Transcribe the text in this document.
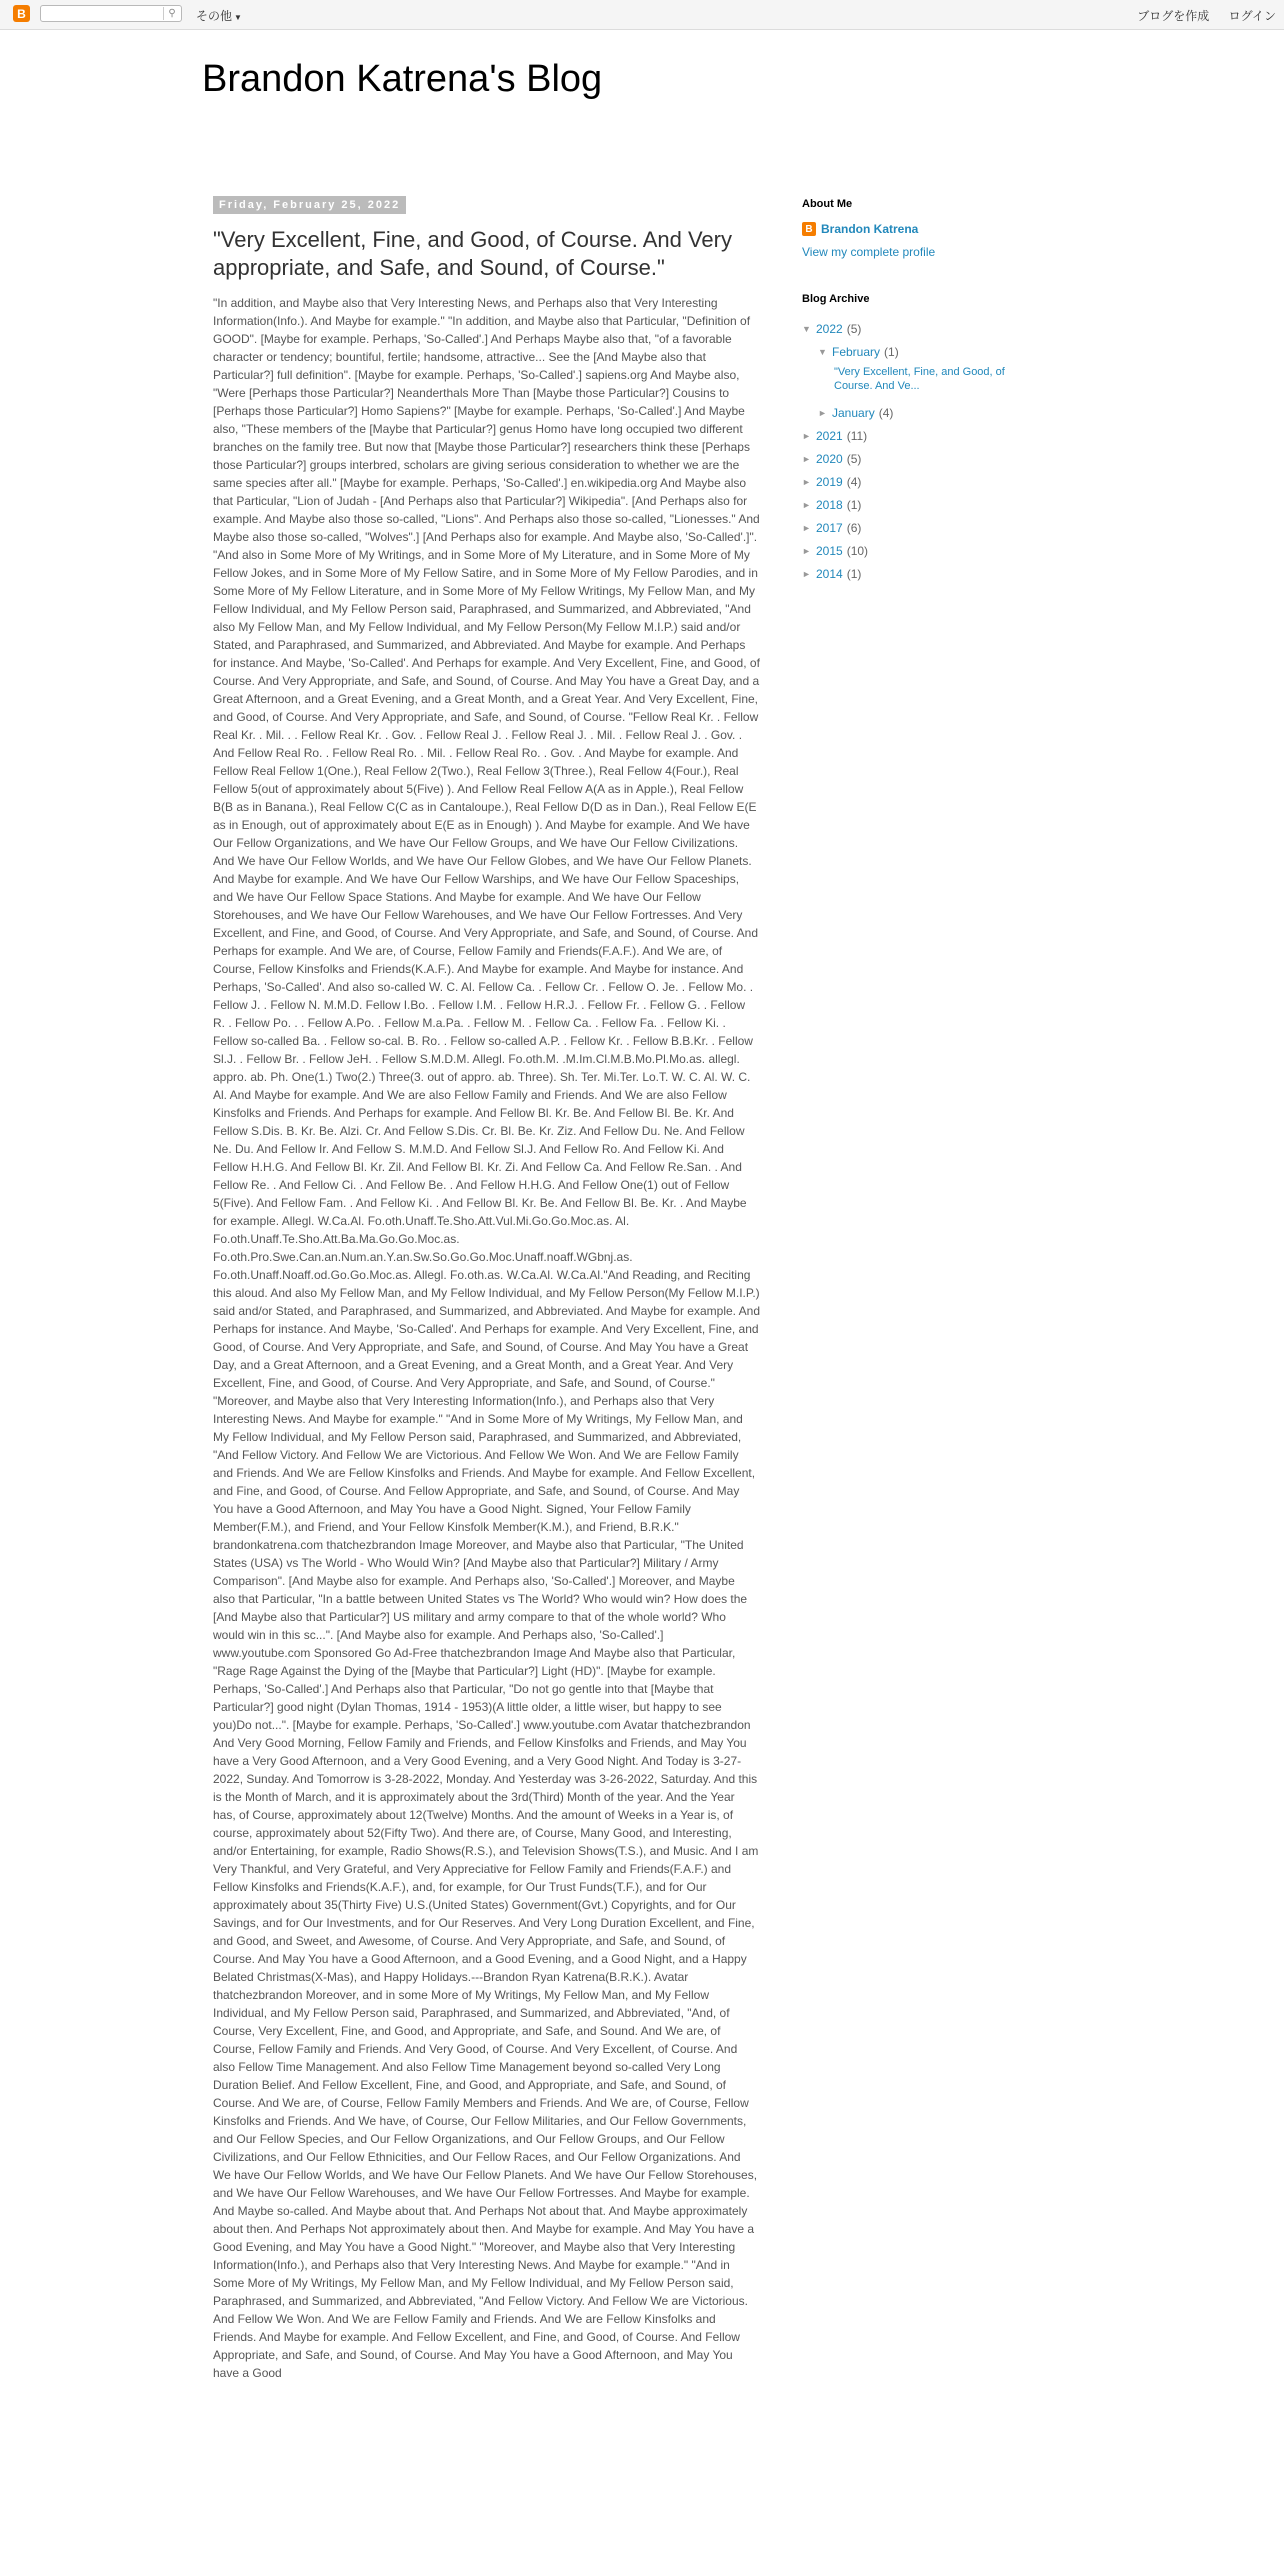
B	⚲	その他 ▼	ブログを作成 ログイン
Brandon Katrena's Blog
Friday, February 25, 2022
"Very Excellent, Fine, and Good, of Course. And Very appropriate, and Safe, and Sound, of Course."

"In addition, and Maybe also that Very Interesting News, and Perhaps also that Very Interesting Information(Info.). And Maybe for example." "In addition, and Maybe also that Particular, "Definition of GOOD". [Maybe for example. Perhaps, 'So-Called'.] And Perhaps Maybe also that, "of a favorable character or tendency; bountiful, fertile; handsome, attractive... See the [And Maybe also that Particular?] full definition". [Maybe for example. Perhaps, 'So-Called'.] sapiens.org And Maybe also, "Were [Perhaps those Particular?] Neanderthals More Than [Maybe those Particular?] Cousins to [Perhaps those Particular?] Homo Sapiens?" [Maybe for example. Perhaps, 'So-Called'.] And Maybe also, "These members of the [Maybe that Particular?] genus Homo have long occupied two different branches on the family tree. But now that [Maybe those Particular?] researchers think these [Perhaps those Particular?] groups interbred, scholars are giving serious consideration to whether we are the same species after all." [Maybe for example. Perhaps, 'So-Called'.] en.wikipedia.org And Maybe also that Particular, "Lion of Judah - [And Perhaps also that Particular?] Wikipedia". [And Perhaps also for example. And Maybe also those so-called, "Lions". And Perhaps also those so-called, "Lionesses." And Maybe also those so-called, "Wolves".] [And Perhaps also for example. And Maybe also, 'So-Called'.]". "And also in Some More of My Writings, and in Some More of My Literature, and in Some More of My Fellow Jokes, and in Some More of My Fellow Satire, and in Some More of My Fellow Parodies, and in Some More of My Fellow Literature, and in Some More of My Fellow Writings, My Fellow Man, and My Fellow Individual, and My Fellow Person said, Paraphrased, and Summarized, and Abbreviated, "And also My Fellow Man, and My Fellow Individual, and My Fellow Person(My Fellow M.I.P.) said and/or Stated, and Paraphrased, and Summarized, and Abbreviated. And Maybe for example. And Perhaps for instance. And Maybe, 'So-Called'. And Perhaps for example. And Very Excellent, Fine, and Good, of Course. And Very Appropriate, and Safe, and Sound, of Course. And May You have a Great Day, and a Great Afternoon, and a Great Evening, and a Great Month, and a Great Year. And Very Excellent, Fine, and Good, of Course. And Very Appropriate, and Safe, and Sound, of Course. "Fellow Real Kr. . Fellow Real Kr. . Mil. . . Fellow Real Kr. . Gov. . Fellow Real J. . Fellow Real J. . Mil. . Fellow Real J. . Gov. . And Fellow Real Ro. . Fellow Real Ro. . Mil. . Fellow Real Ro. . Gov. . And Maybe for example. And Fellow Real Fellow 1(One.), Real Fellow 2(Two.), Real Fellow 3(Three.), Real Fellow 4(Four.), Real Fellow 5(out of approximately about 5(Five) ). And Fellow Real Fellow A(A as in Apple.), Real Fellow B(B as in Banana.), Real Fellow C(C as in Cantaloupe.), Real Fellow D(D as in Dan.), Real Fellow E(E as in Enough, out of approximately about E(E as in Enough) ). And Maybe for example. And We have Our Fellow Organizations, and We have Our Fellow Groups, and We have Our Fellow Civilizations. And We have Our Fellow Worlds, and We have Our Fellow Globes, and We have Our Fellow Planets. And Maybe for example. And We have Our Fellow Warships, and We have Our Fellow Spaceships, and We have Our Fellow Space Stations. And Maybe for example. And We have Our Fellow Storehouses, and We have Our Fellow Warehouses, and We have Our Fellow Fortresses. And Very Excellent, and Fine, and Good, of Course. And Very Appropriate, and Safe, and Sound, of Course. And Perhaps for example. And We are, of Course, Fellow Family and Friends(F.A.F.). And We are, of Course, Fellow Kinsfolks and Friends(K.A.F.). And Maybe for example. And Maybe for instance. And Perhaps, 'So-Called'. And also so-called W. C. Al. Fellow Ca. . Fellow Cr. . Fellow O. Je. . Fellow Mo. . Fellow J. . Fellow N. M.M.D. Fellow I.Bo. . Fellow I.M. . Fellow H.R.J. . Fellow Fr. . Fellow G. . Fellow R. . Fellow Po. . . Fellow A.Po. . Fellow M.a.Pa. . Fellow M. . Fellow Ca. . Fellow Fa. . Fellow Ki. . Fellow so-called Ba. . Fellow so-cal. B. Ro. . Fellow so-called A.P. . Fellow Kr. . Fellow B.B.Kr. . Fellow Sl.J. . Fellow Br. . Fellow JeH. . Fellow S.M.D.M. Allegl. Fo.oth.M. .M.Im.Cl.M.B.Mo.Pl.Mo.as. allegl. appro. ab. Ph. One(1.) Two(2.) Three(3. out of appro. ab. Three). Sh. Ter. Mi.Ter. Lo.T. W. C. Al. W. C. Al. And Maybe for example. And We are also Fellow Family and Friends. And We are also Fellow Kinsfolks and Friends. And Perhaps for example. And Fellow Bl. Kr. Be. And Fellow Bl. Be. Kr. And Fellow S.Dis. B. Kr. Be. Alzi. Cr. And Fellow S.Dis. Cr. Bl. Be. Kr. Ziz. And Fellow Du. Ne. And Fellow Ne. Du. And Fellow Ir. And Fellow S. M.M.D. And Fellow Sl.J. And Fellow Ro. And Fellow Ki. And Fellow H.H.G. And Fellow Bl. Kr. Zil. And Fellow Bl. Kr. Zi. And Fellow Ca. And Fellow Re.San. . And Fellow Re. . And Fellow Ci. . And Fellow Be. . And Fellow H.H.G. And Fellow One(1) out of Fellow 5(Five). And Fellow Fam. . And Fellow Ki. . And Fellow Bl. Kr. Be. And Fellow Bl. Be. Kr. . And Maybe for example. Allegl. W.Ca.Al. Fo.oth.Unaff.Te.Sho.Att.Vul.Mi.Go.Go.Moc.as. Al. Fo.oth.Unaff.Te.Sho.Att.Ba.Ma.Go.Go.Moc.as. Fo.oth.Pro.Swe.Can.an.Num.an.Y.an.Sw.So.Go.Go.Moc.Unaff.noaff.WGbnj.as. Fo.oth.Unaff.Noaff.od.Go.Go.Moc.as. Allegl. Fo.oth.as. W.Ca.Al. W.Ca.Al."And Reading, and Reciting this aloud. And also My Fellow Man, and My Fellow Individual, and My Fellow Person(My Fellow M.I.P.) said and/or Stated, and Paraphrased, and Summarized, and Abbreviated. And Maybe for example. And Perhaps for instance. And Maybe, 'So-Called'. And Perhaps for example. And Very Excellent, Fine, and Good, of Course. And Very Appropriate, and Safe, and Sound, of Course. And May You have a Great Day, and a Great Afternoon, and a Great Evening, and a Great Month, and a Great Year. And Very Excellent, Fine, and Good, of Course. And Very Appropriate, and Safe, and Sound, of Course." "Moreover, and Maybe also that Very Interesting Information(Info.), and Perhaps also that Very Interesting News. And Maybe for example." "And in Some More of My Writings, My Fellow Man, and My Fellow Individual, and My Fellow Person said, Paraphrased, and Summarized, and Abbreviated, "And Fellow Victory. And Fellow We are Victorious. And Fellow We Won. And We are Fellow Family and Friends. And We are Fellow Kinsfolks and Friends. And Maybe for example. And Fellow Excellent, and Fine, and Good, of Course. And Fellow Appropriate, and Safe, and Sound, of Course. And May You have a Good Afternoon, and May You have a Good Night. Signed, Your Fellow Family Member(F.M.), and Friend, and Your Fellow Kinsfolk Member(K.M.), and Friend, B.R.K." brandonkatrena.com thatchezbrandon Image Moreover, and Maybe also that Particular, "The United States (USA) vs The World - Who Would Win? [And Maybe also that Particular?] Military / Army Comparison". [And Maybe also for example. And Perhaps also, 'So-Called'.] Moreover, and Maybe also that Particular, "In a battle between United States vs The World? Who would win? How does the [And Maybe also that Particular?] US military and army compare to that of the whole world? Who would win in this sc...". [And Maybe also for example. And Perhaps also, 'So-Called'.] www.youtube.com Sponsored Go Ad-Free thatchezbrandon Image And Maybe also that Particular, "Rage Rage Against the Dying of the [Maybe that Particular?] Light (HD)". [Maybe for example. Perhaps, 'So-Called'.] And Perhaps also that Particular, "Do not go gentle into that [Maybe that Particular?] good night (Dylan Thomas, 1914 - 1953)(A little older, a little wiser, but happy to see you)Do not...". [Maybe for example. Perhaps, 'So-Called'.] www.youtube.com Avatar thatchezbrandon And Very Good Morning, Fellow Family and Friends, and Fellow Kinsfolks and Friends, and May You have a Very Good Afternoon, and a Very Good Evening, and a Very Good Night. And Today is 3-27-2022, Sunday. And Tomorrow is 3-28-2022, Monday. And Yesterday was 3-26-2022, Saturday. And this is the Month of March, and it is approximately about the 3rd(Third) Month of the year. And the Year has, of Course, approximately about 12(Twelve) Months. And the amount of Weeks in a Year is, of course, approximately about 52(Fifty Two). And there are, of Course, Many Good, and Interesting, and/or Entertaining, for example, Radio Shows(R.S.), and Television Shows(T.S.), and Music. And I am Very Thankful, and Very Grateful, and Very Appreciative for Fellow Family and Friends(F.A.F.) and Fellow Kinsfolks and Friends(K.A.F.), and, for example, for Our Trust Funds(T.F.), and for Our approximately about 35(Thirty Five) U.S.(United States) Government(Gvt.) Copyrights, and for Our Savings, and for Our Investments, and for Our Reserves. And Very Long Duration Excellent, and Fine, and Good, and Sweet, and Awesome, of Course. And Very Appropriate, and Safe, and Sound, of Course. And May You have a Good Afternoon, and a Good Evening, and a Good Night, and a Happy Belated Christmas(X-Mas), and Happy Holidays.---Brandon Ryan Katrena(B.R.K.). Avatar thatchezbrandon Moreover, and in some More of My Writings, My Fellow Man, and My Fellow Individual, and My Fellow Person said, Paraphrased, and Summarized, and Abbreviated, "And, of Course, Very Excellent, Fine, and Good, and Appropriate, and Safe, and Sound. And We are, of Course, Fellow Family and Friends. And Very Good, of Course. And Very Excellent, of Course. And also Fellow Time Management. And also Fellow Time Management beyond so-called Very Long Duration Belief. And Fellow Excellent, Fine, and Good, and Appropriate, and Safe, and Sound, of Course. And We are, of Course, Fellow Family Members and Friends. And We are, of Course, Fellow Kinsfolks and Friends. And We have, of Course, Our Fellow Militaries, and Our Fellow Governments, and Our Fellow Species, and Our Fellow Organizations, and Our Fellow Groups, and Our Fellow Civilizations, and Our Fellow Ethnicities, and Our Fellow Races, and Our Fellow Organizations. And We have Our Fellow Worlds, and We have Our Fellow Planets. And We have Our Fellow Storehouses, and We have Our Fellow Warehouses, and We have Our Fellow Fortresses. And Maybe for example. And Maybe so-called. And Maybe about that. And Perhaps Not about that. And Maybe approximately about then. And Perhaps Not approximately about then. And Maybe for example. And May You have a Good Evening, and May You have a Good Night." "Moreover, and Maybe also that Very Interesting Information(Info.), and Perhaps also that Very Interesting News. And Maybe for example." "And in Some More of My Writings, My Fellow Man, and My Fellow Individual, and My Fellow Person said, Paraphrased, and Summarized, and Abbreviated, "And Fellow Victory. And Fellow We are Victorious. And Fellow We Won. And We are Fellow Family and Friends. And We are Fellow Kinsfolks and Friends. And Maybe for example. And Fellow Excellent, and Fine, and Good, of Course. And Fellow Appropriate, and Safe, and Sound, of Course. And May You have a Good Afternoon, and May You have a Good

About Me
B Brandon Katrena
View my complete profile
Blog Archive
▼ 2022 (5)
▼ February (1)
"Very Excellent, Fine, and Good, of Course. And Ve...
► January (4)
► 2021 (11)
► 2020 (5)
► 2019 (4)
► 2018 (1)
► 2017 (6)
► 2015 (10)
► 2014 (1)
